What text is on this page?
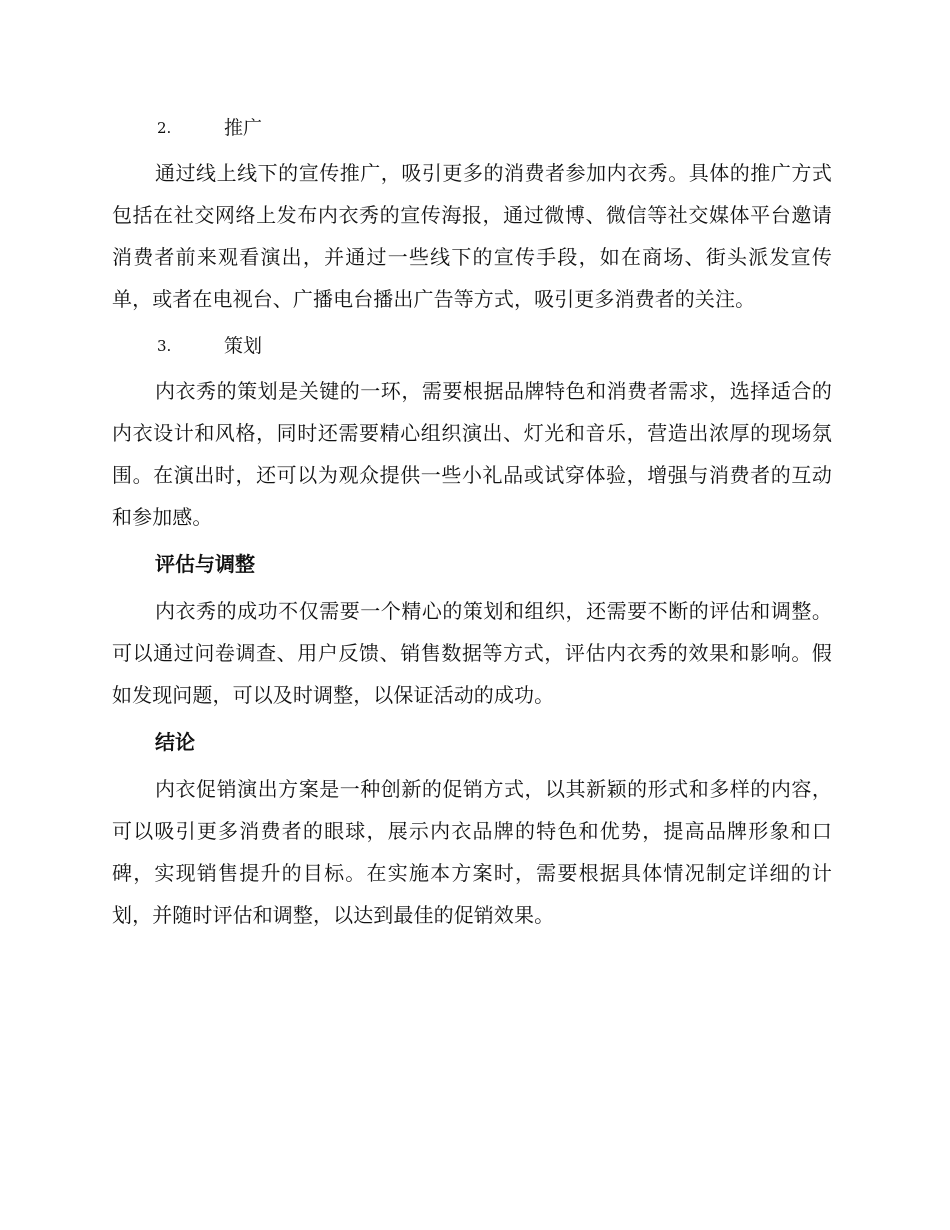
2.	推广

通过线上线下的宣传推广，吸引更多的消费者参加内衣秀。具体的推广方式包括在社交网络上发布内衣秀的宣传海报，通过微博、微信等社交媒体平台邀请消费者前来观看演出，并通过一些线下的宣传手段，如在商场、街头派发宣传单，或者在电视台、广播电台播出广告等方式，吸引更多消费者的关注。

3.	策划

内衣秀的策划是关键的一环，需要根据品牌特色和消费者需求，选择适合的内衣设计和风格，同时还需要精心组织演出、灯光和音乐，营造出浓厚的现场氛围。在演出时，还可以为观众提供一些小礼品或试穿体验，增强与消费者的互动和参加感。

评估与调整

内衣秀的成功不仅需要一个精心的策划和组织，还需要不断的评估和调整。可以通过问卷调查、用户反馈、销售数据等方式，评估内衣秀的效果和影响。假如发现问题，可以及时调整，以保证活动的成功。

结论

内衣促销演出方案是一种创新的促销方式，以其新颖的形式和多样的内容，可以吸引更多消费者的眼球，展示内衣品牌的特色和优势，提高品牌形象和口碑，实现销售提升的目标。在实施本方案时，需要根据具体情况制定详细的计划，并随时评估和调整，以达到最佳的促销效果。
